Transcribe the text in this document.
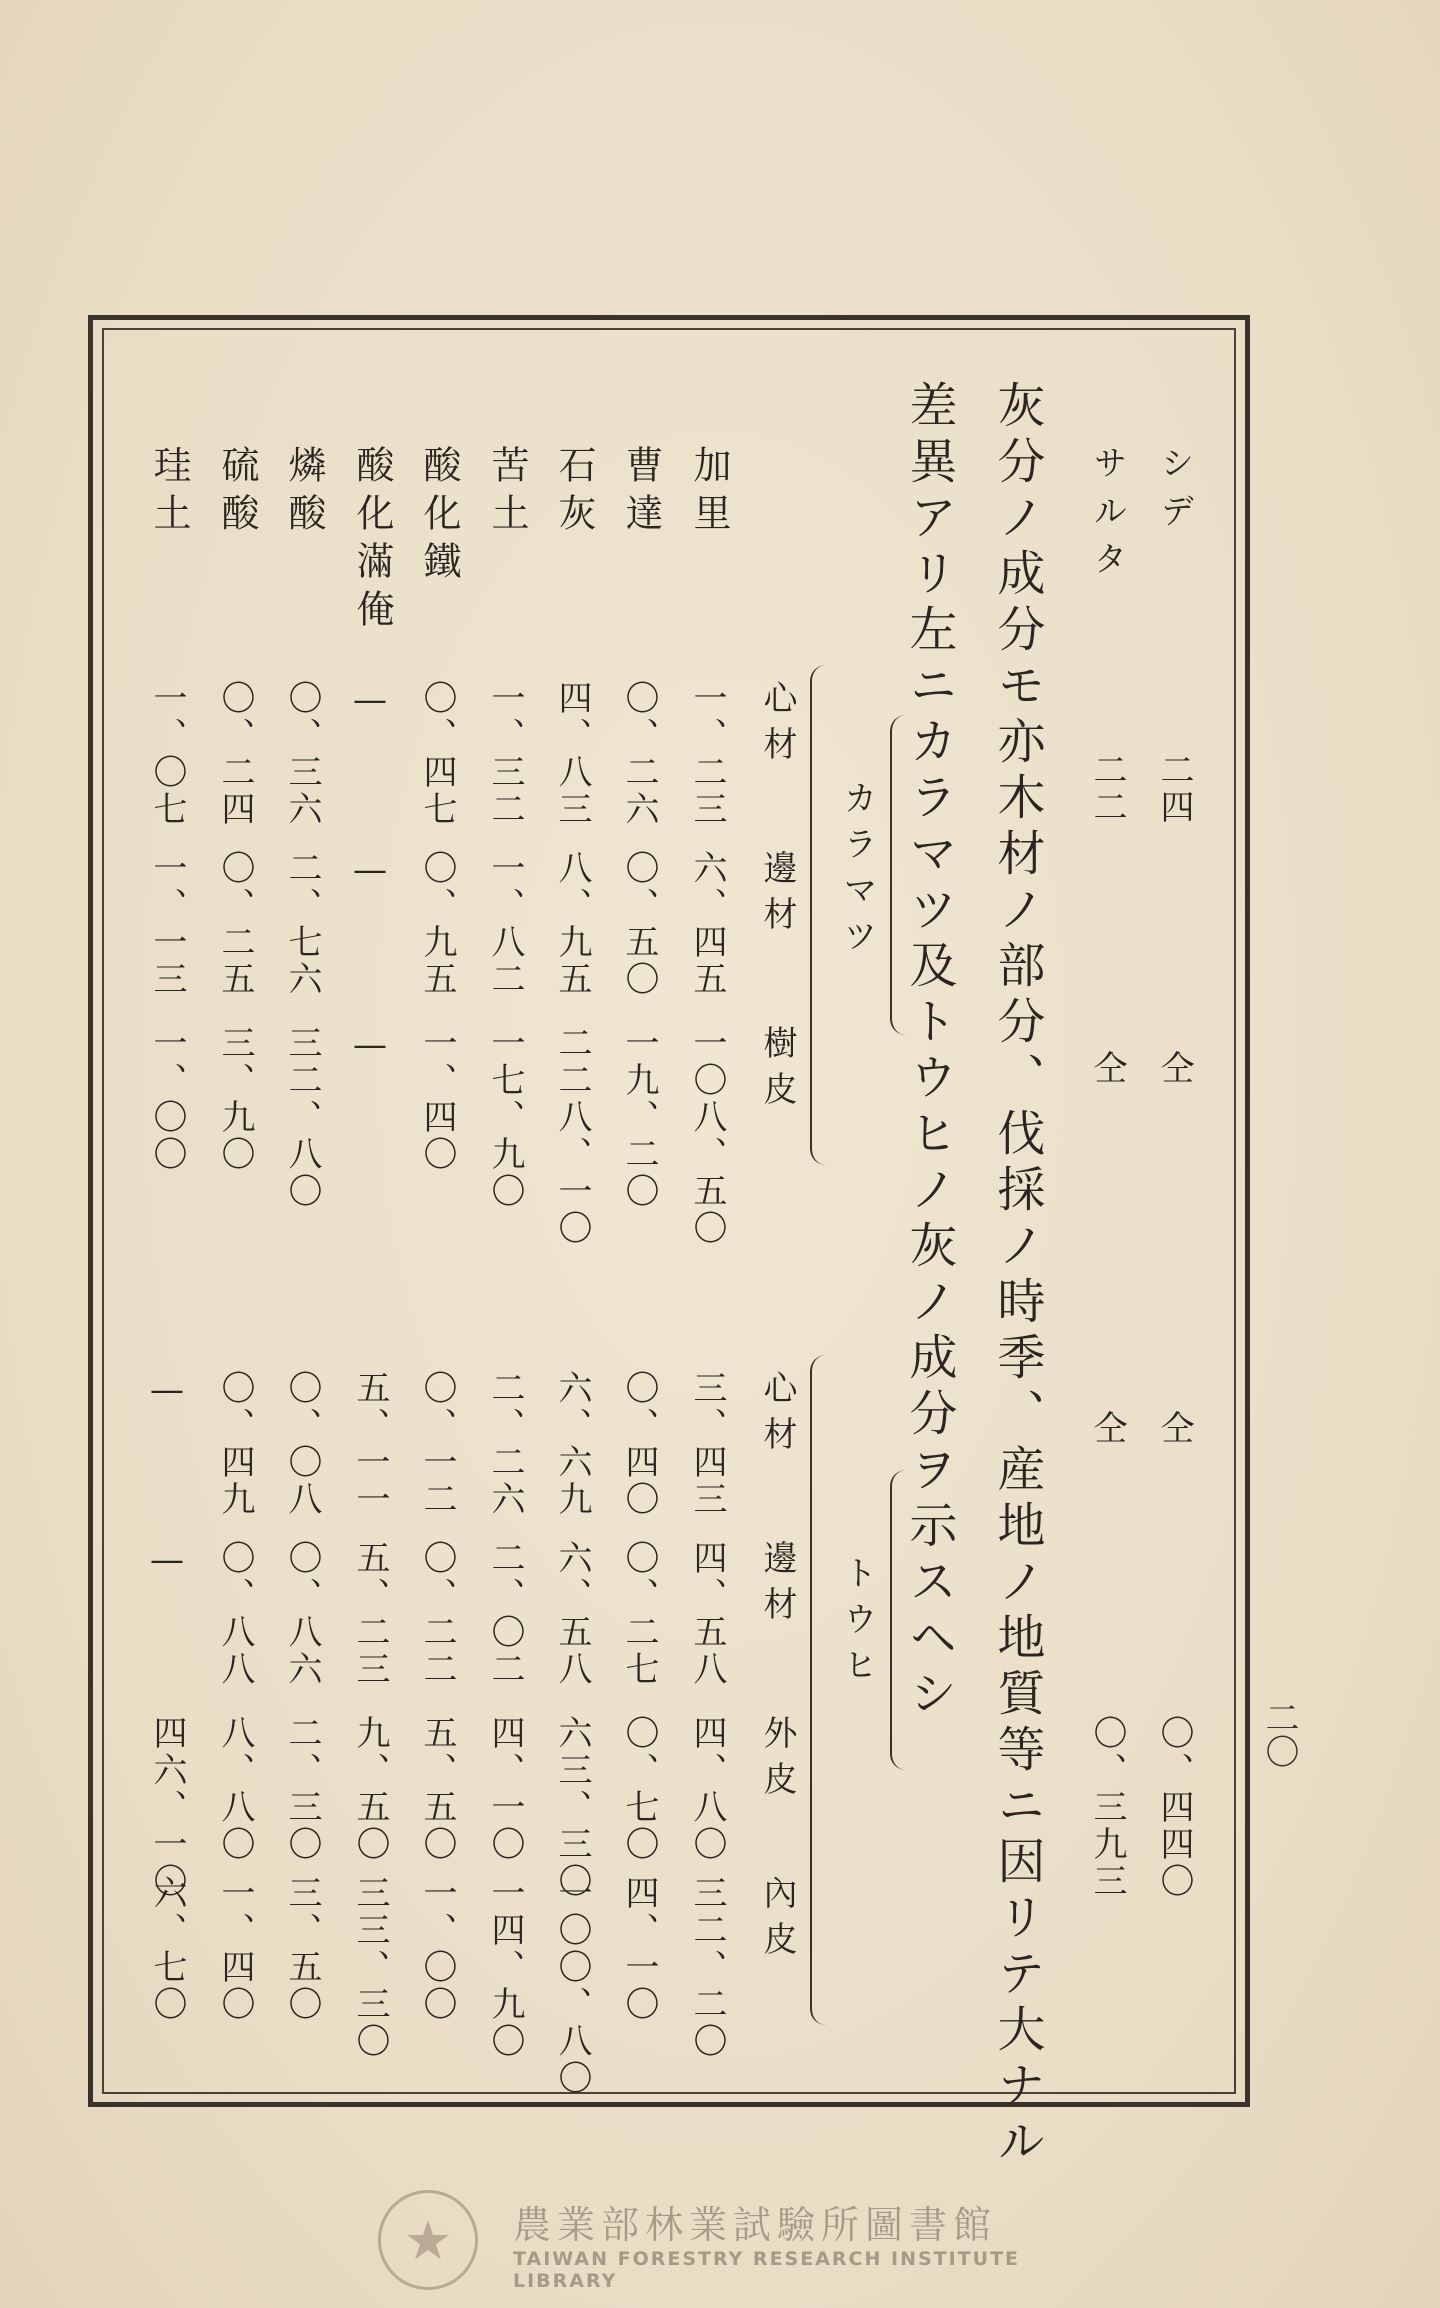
二〇
シデ
二四
仝
仝
〇、四四〇
サルタ
二二
仝
仝
〇、三九三
灰分ノ成分モ亦木材ノ部分、伐採ノ時季、産地ノ地質等ニ因リテ大ナル
差異アリ左ニカラマツ及トウヒノ灰ノ成分ヲ示スヘシ
カラマツ
トウヒ
心材
邊材
樹皮
心材
邊材
外皮
內皮
加里
一、二三
六、四五
一〇八、五〇
三、四三
四、五八
四、八〇
三二、二〇
曹達
〇、二六
〇、五〇
一九、二〇
〇、四〇
〇、二七
〇、七〇
四、一〇
石灰
四、八三
八、九五
二二八、一〇
六、六九
六、五八
六三、三〇
一〇〇、八〇
苦土
一、三二
一、八二
一七、九〇
二、二六
二、〇二
四、一〇
一四、九〇
酸化鐵
〇、四七
〇、九五
一、四〇
〇、一二
〇、二二
五、五〇
一、〇〇
酸化滿俺
—
—
—
五、一一
五、二三
九、五〇
三三、三〇
燐酸
〇、三六
二、七六
三二、八〇
〇、〇八
〇、八六
二、三〇
三、五〇
硫酸
〇、二四
〇、二五
三、九〇
〇、四九
〇、八八
八、八〇
一、四〇
珪土
一、〇七
一、一三
一、〇〇
—
—
四六、一〇
六、七〇
★	農業部林業試驗所圖書館
TAIWAN FORESTRY RESEARCH INSTITUTE LIBRARY
